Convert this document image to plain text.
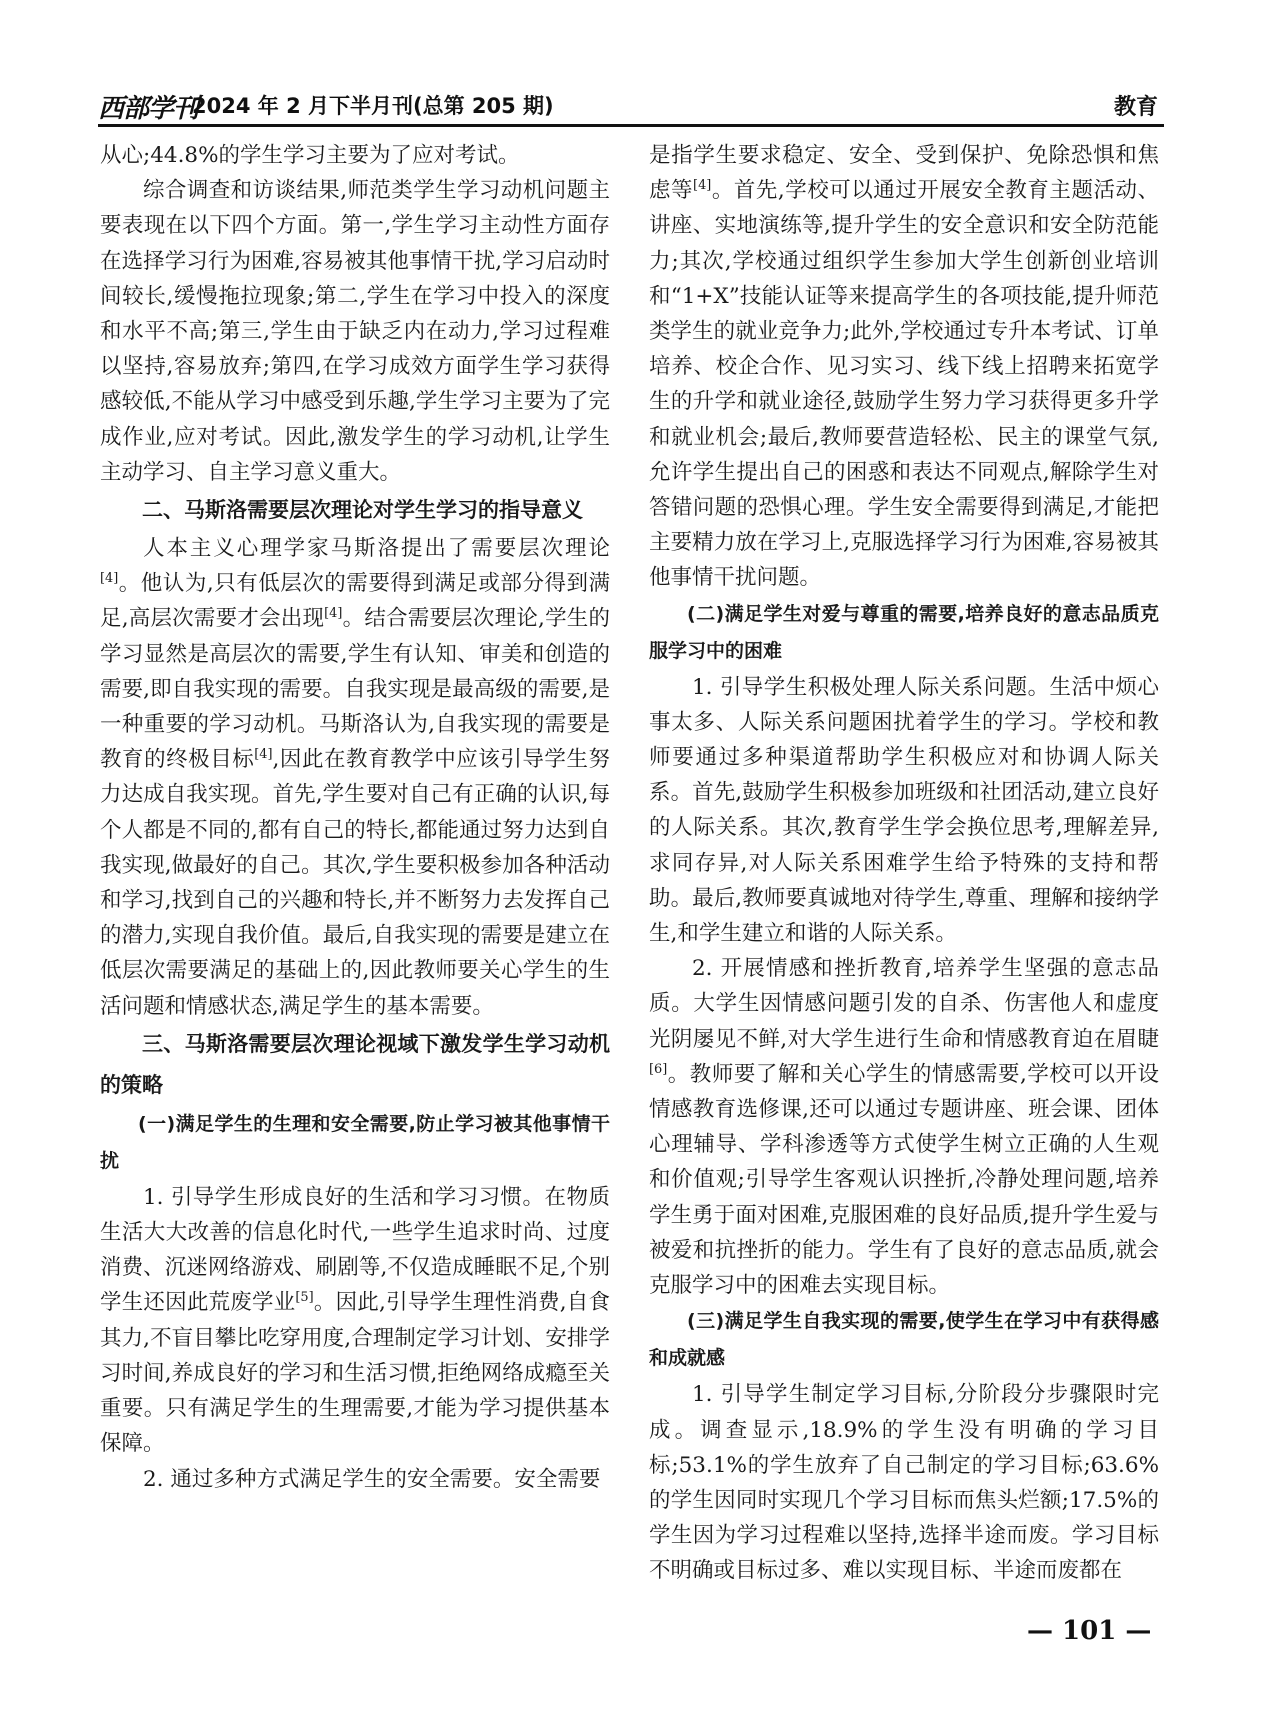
西部学刊
2024 年 2 月下半月刊(总第 205 期)	教育

从心;44.8%的学生学习主要为了应对考试。

综合调查和访谈结果,师范类学生学习动机问题主要表现在以下四个方面。第一,学生学习主动性方面存在选择学习行为困难,容易被其他事情干扰,学习启动时间较长,缓慢拖拉现象;第二,学生在学习中投入的深度和水平不高;第三,学生由于缺乏内在动力,学习过程难以坚持,容易放弃;第四,在学习成效方面学生学习获得感较低,不能从学习中感受到乐趣,学生学习主要为了完成作业,应对考试。因此,激发学生的学习动机,让学生主动学习、自主学习意义重大。

二、马斯洛需要层次理论对学生学习的指导意义

人本主义心理学家马斯洛提出了需要层次理论[4]。他认为,只有低层次的需要得到满足或部分得到满足,高层次需要才会出现[4]。结合需要层次理论,学生的学习显然是高层次的需要,学生有认知、审美和创造的需要,即自我实现的需要。自我实现是最高级的需要,是一种重要的学习动机。马斯洛认为,自我实现的需要是教育的终极目标[4],因此在教育教学中应该引导学生努力达成自我实现。首先,学生要对自己有正确的认识,每个人都是不同的,都有自己的特长,都能通过努力达到自我实现,做最好的自己。其次,学生要积极参加各种活动和学习,找到自己的兴趣和特长,并不断努力去发挥自己的潜力,实现自我价值。最后,自我实现的需要是建立在低层次需要满足的基础上的,因此教师要关心学生的生活问题和情感状态,满足学生的基本需要。

三、马斯洛需要层次理论视域下激发学生学习动机的策略
(一)满足学生的生理和安全需要,防止学习被其他事情干扰

1. 引导学生形成良好的生活和学习习惯。在物质生活大大改善的信息化时代,一些学生追求时尚、过度消费、沉迷网络游戏、刷剧等,不仅造成睡眠不足,个别学生还因此荒废学业[5]。因此,引导学生理性消费,自食其力,不盲目攀比吃穿用度,合理制定学习计划、安排学习时间,养成良好的学习和生活习惯,拒绝网络成瘾至关重要。只有满足学生的生理需要,才能为学习提供基本保障。

2. 通过多种方式满足学生的安全需要。安全需要

是指学生要求稳定、安全、受到保护、免除恐惧和焦虑等[4]。首先,学校可以通过开展安全教育主题活动、讲座、实地演练等,提升学生的安全意识和安全防范能力;其次,学校通过组织学生参加大学生创新创业培训和“1+X”技能认证等来提高学生的各项技能,提升师范类学生的就业竞争力;此外,学校通过专升本考试、订单培养、校企合作、见习实习、线下线上招聘来拓宽学生的升学和就业途径,鼓励学生努力学习获得更多升学和就业机会;最后,教师要营造轻松、民主的课堂气氛,允许学生提出自己的困惑和表达不同观点,解除学生对答错问题的恐惧心理。学生安全需要得到满足,才能把主要精力放在学习上,克服选择学习行为困难,容易被其他事情干扰问题。

(二)满足学生对爱与尊重的需要,培养良好的意志品质克服学习中的困难

1. 引导学生积极处理人际关系问题。生活中烦心事太多、人际关系问题困扰着学生的学习。学校和教师要通过多种渠道帮助学生积极应对和协调人际关系。首先,鼓励学生积极参加班级和社团活动,建立良好的人际关系。其次,教育学生学会换位思考,理解差异,求同存异,对人际关系困难学生给予特殊的支持和帮助。最后,教师要真诚地对待学生,尊重、理解和接纳学生,和学生建立和谐的人际关系。

2. 开展情感和挫折教育,培养学生坚强的意志品质。大学生因情感问题引发的自杀、伤害他人和虚度光阴屡见不鲜,对大学生进行生命和情感教育迫在眉睫[6]。教师要了解和关心学生的情感需要,学校可以开设情感教育选修课,还可以通过专题讲座、班会课、团体心理辅导、学科渗透等方式使学生树立正确的人生观和价值观;引导学生客观认识挫折,冷静处理问题,培养学生勇于面对困难,克服困难的良好品质,提升学生爱与被爱和抗挫折的能力。学生有了良好的意志品质,就会克服学习中的困难去实现目标。

(三)满足学生自我实现的需要,使学生在学习中有获得感和成就感

1. 引导学生制定学习目标,分阶段分步骤限时完成。调查显示,18.9%的学生没有明确的学习目标;53.1%的学生放弃了自己制定的学习目标;63.6%的学生因同时实现几个学习目标而焦头烂额;17.5%的学生因为学习过程难以坚持,选择半途而废。学习目标不明确或目标过多、难以实现目标、半途而废都在

— 101 —
